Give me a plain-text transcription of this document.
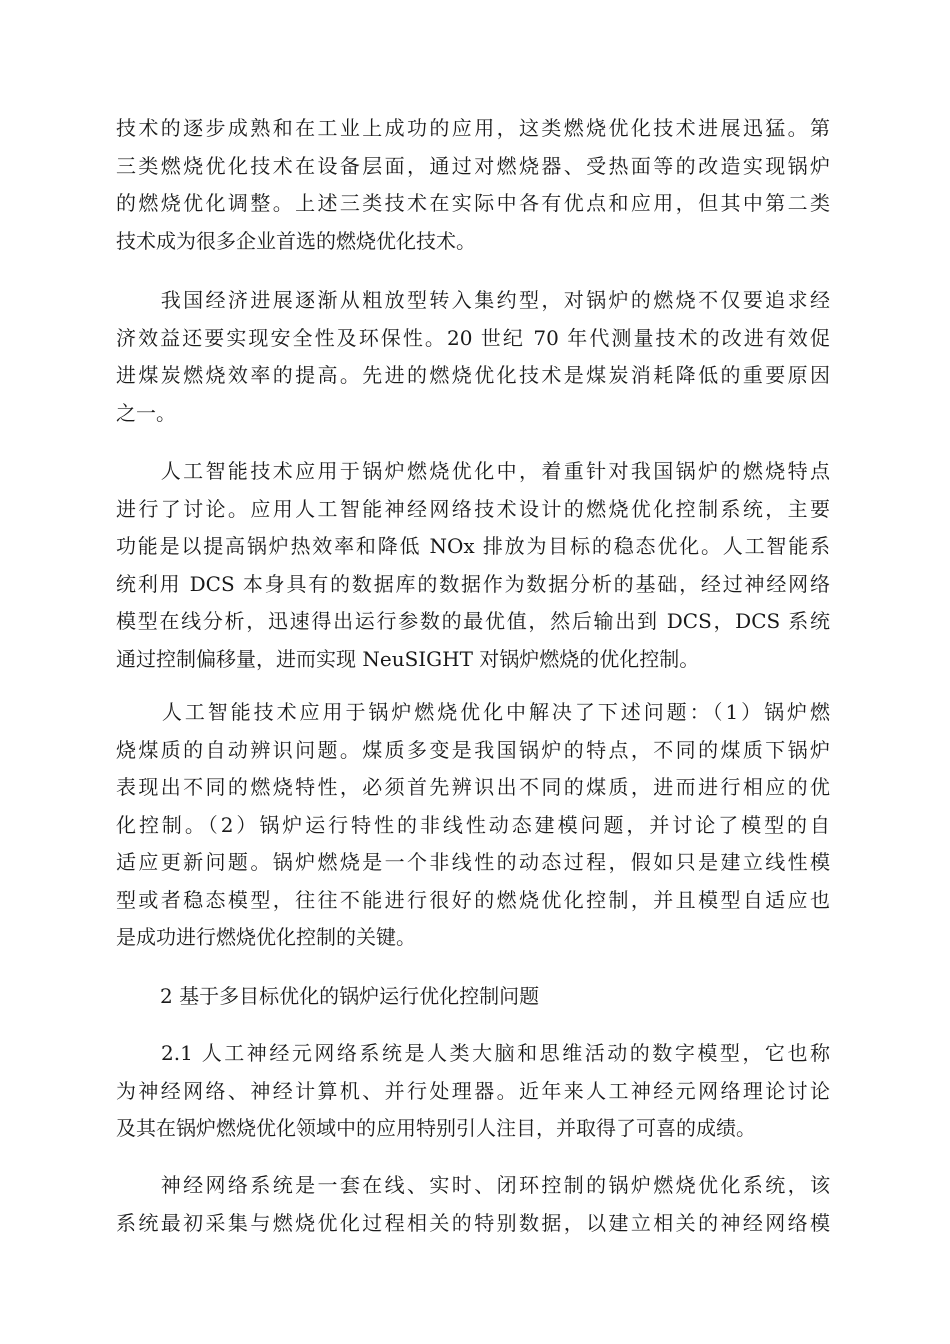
技术的逐步成熟和在工业上成功的应用，这类燃烧优化技术进展迅猛。第
三类燃烧优化技术在设备层面，通过对燃烧器、受热面等的改造实现锅炉
的燃烧优化调整。上述三类技术在实际中各有优点和应用，但其中第二类
技术成为很多企业首选的燃烧优化技术。
　　我国经济进展逐渐从粗放型转入集约型，对锅炉的燃烧不仅要追求经
济效益还要实现安全性及环保性。20 世纪 70 年代测量技术的改进有效促
进煤炭燃烧效率的提高。先进的燃烧优化技术是煤炭消耗降低的重要原因
之一。
　　人工智能技术应用于锅炉燃烧优化中，着重针对我国锅炉的燃烧特点
进行了讨论。应用人工智能神经网络技术设计的燃烧优化控制系统，主要
功能是以提高锅炉热效率和降低 NOx 排放为目标的稳态优化。人工智能系
统利用 DCS 本身具有的数据库的数据作为数据分析的基础，经过神经网络
模型在线分析，迅速得出运行参数的最优值，然后输出到 DCS，DCS 系统
通过控制偏移量，进而实现 NeuSIGHT 对锅炉燃烧的优化控制。
　　人工智能技术应用于锅炉燃烧优化中解决了下述问题：（1）锅炉燃
烧煤质的自动辨识问题。煤质多变是我国锅炉的特点，不同的煤质下锅炉
表现出不同的燃烧特性，必须首先辨识出不同的煤质，进而进行相应的优
化控制。（2）锅炉运行特性的非线性动态建模问题，并讨论了模型的自
适应更新问题。锅炉燃烧是一个非线性的动态过程，假如只是建立线性模
型或者稳态模型，往往不能进行很好的燃烧优化控制，并且模型自适应也
是成功进行燃烧优化控制的关键。
2 基于多目标优化的锅炉运行优化控制问题
　　2.1 人工神经元网络系统是人类大脑和思维活动的数字模型，它也称
为神经网络、神经计算机、并行处理器。近年来人工神经元网络理论讨论
及其在锅炉燃烧优化领域中的应用特别引人注目，并取得了可喜的成绩。
　　神经网络系统是一套在线、实时、闭环控制的锅炉燃烧优化系统，该
系统最初采集与燃烧优化过程相关的特别数据，以建立相关的神经网络模
